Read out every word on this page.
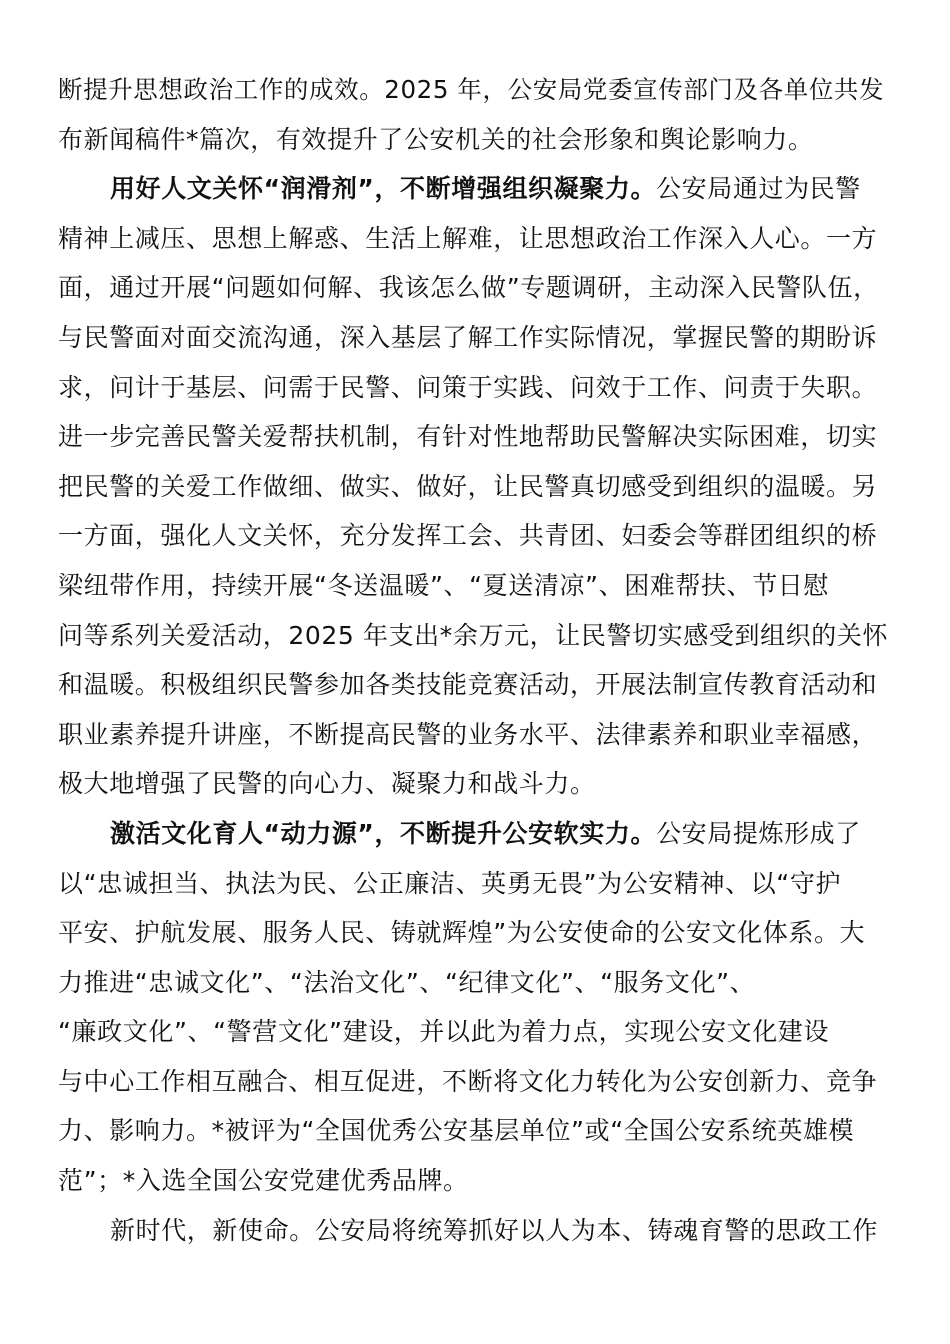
断提升思想政治工作的成效。2025 年，公安局党委宣传部门及各单位共发
布新闻稿件*篇次，有效提升了公安机关的社会形象和舆论影响力。
用好人文关怀“润滑剂”，不断增强组织凝聚力。公安局通过为民警
精神上减压、思想上解惑、生活上解难，让思想政治工作深入人心。一方
面，通过开展“问题如何解、我该怎么做”专题调研，主动深入民警队伍，
与民警面对面交流沟通，深入基层了解工作实际情况，掌握民警的期盼诉
求，问计于基层、问需于民警、问策于实践、问效于工作、问责于失职。
进一步完善民警关爱帮扶机制，有针对性地帮助民警解决实际困难，切实
把民警的关爱工作做细、做实、做好，让民警真切感受到组织的温暖。另
一方面，强化人文关怀，充分发挥工会、共青团、妇委会等群团组织的桥
梁纽带作用，持续开展“冬送温暖”、“夏送清凉”、困难帮扶、节日慰
问等系列关爱活动，2025 年支出*余万元，让民警切实感受到组织的关怀
和温暖。积极组织民警参加各类技能竞赛活动，开展法制宣传教育活动和
职业素养提升讲座，不断提高民警的业务水平、法律素养和职业幸福感，
极大地增强了民警的向心力、凝聚力和战斗力。
激活文化育人“动力源”，不断提升公安软实力。公安局提炼形成了
以“忠诚担当、执法为民、公正廉洁、英勇无畏”为公安精神、以“守护
平安、护航发展、服务人民、铸就辉煌”为公安使命的公安文化体系。大
力推进“忠诚文化”、“法治文化”、“纪律文化”、“服务文化”、
“廉政文化”、“警营文化”建设，并以此为着力点，实现公安文化建设
与中心工作相互融合、相互促进，不断将文化力转化为公安创新力、竞争
力、影响力。*被评为“全国优秀公安基层单位”或“全国公安系统英雄模
范”；*入选全国公安党建优秀品牌。
新时代，新使命。公安局将统筹抓好以人为本、铸魂育警的思政工作
